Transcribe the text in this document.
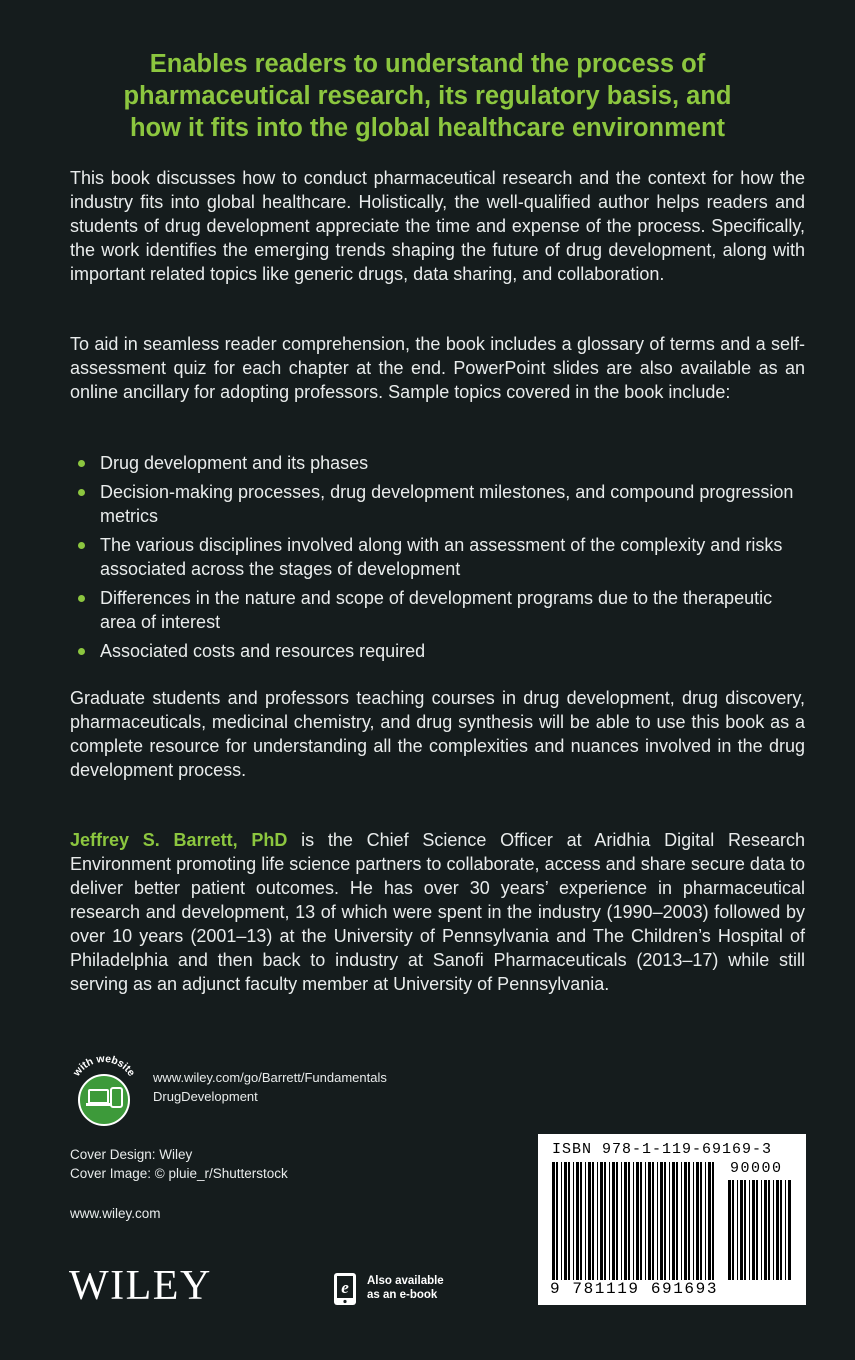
Enables readers to understand the process of
pharmaceutical research, its regulatory basis, and
how it fits into the global healthcare environment

This book discusses how to conduct pharmaceutical research and the context for how the industry fits into global healthcare. Holistically, the well-qualified author helps readers and students of drug development appreciate the time and expense of the process. Specifically, the work identifies the emerging trends shaping the future of drug development, along with important related topics like generic drugs, data sharing, and collaboration.

To aid in seamless reader comprehension, the book includes a glossary of terms and a self-assessment quiz for each chapter at the end. PowerPoint slides are also available as an online ancillary for adopting professors. Sample topics covered in the book include:

Drug development and its phases
Decision-making processes, drug development milestones, and compound progression metrics
The various disciplines involved along with an assessment of the complexity and risks associated across the stages of development
Differences in the nature and scope of development programs due to the therapeutic area of interest
Associated costs and resources required

Graduate students and professors teaching courses in drug development, drug discovery, pharmaceuticals, medicinal chemistry, and drug synthesis will be able to use this book as a complete resource for understanding all the complexities and nuances involved in the drug development process.

Jeffrey S. Barrett, PhD is the Chief Science Officer at Aridhia Digital Research Environment promoting life science partners to collaborate, access and share secure data to deliver better patient outcomes. He has over 30 years’ experience in pharmaceutical research and development, 13 of which were spent in the industry (1990–2003) followed by over 10 years (2001–13) at the University of Pennsylvania and The Children’s Hospital of Philadelphia and then back to industry at Sanofi Pharmaceuticals (2013–17) while still serving as an adjunct faculty member at University of Pennsylvania.

with website www.wiley.com/go/Barrett/Fundamentals
DrugDevelopment
Cover Design: Wiley
Cover Image: © pluie_r/Shutterstock
www.wiley.com
WILEY	e Also available
as an e-book
ISBN 978-1-119-69169-3
90000
9 781119 691693
